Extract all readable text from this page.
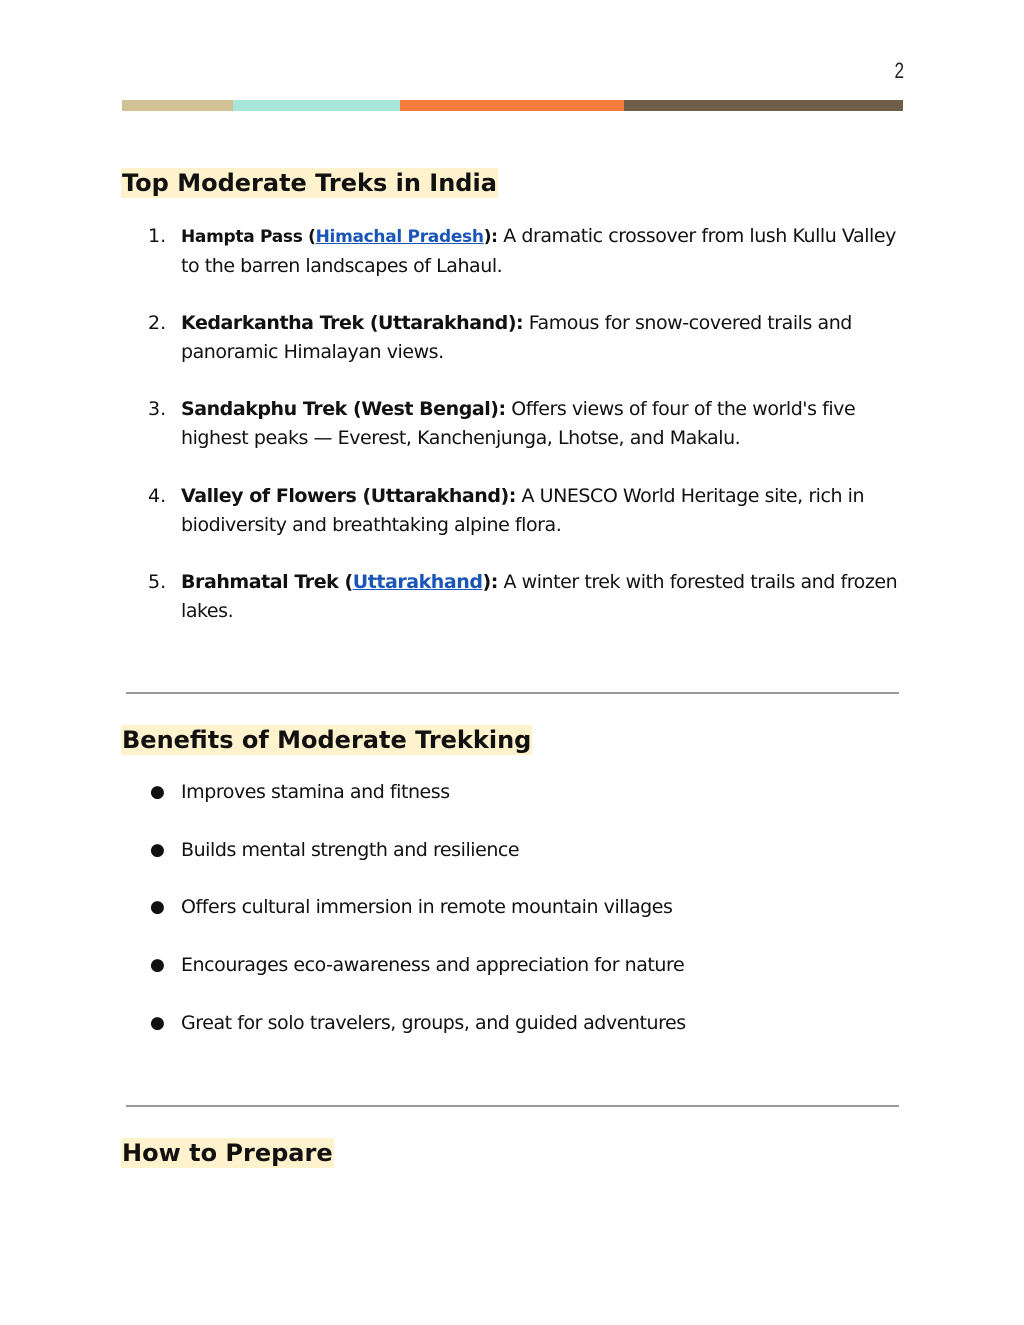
2
Top Moderate Treks in India
1. Hampta Pass (Himachal Pradesh): A dramatic crossover from lush Kullu Valley to the barren landscapes of Lahaul.
2. Kedarkantha Trek (Uttarakhand): Famous for snow-covered trails and panoramic Himalayan views.
3. Sandakphu Trek (West Bengal): Offers views of four of the world's five highest peaks — Everest, Kanchenjunga, Lhotse, and Makalu.
4. Valley of Flowers (Uttarakhand): A UNESCO World Heritage site, rich in biodiversity and breathtaking alpine flora.
5. Brahmatal Trek (Uttarakhand): A winter trek with forested trails and frozen lakes.
Benefits of Moderate Trekking
● Improves stamina and fitness
● Builds mental strength and resilience
● Offers cultural immersion in remote mountain villages
● Encourages eco-awareness and appreciation for nature
● Great for solo travelers, groups, and guided adventures
How to Prepare
